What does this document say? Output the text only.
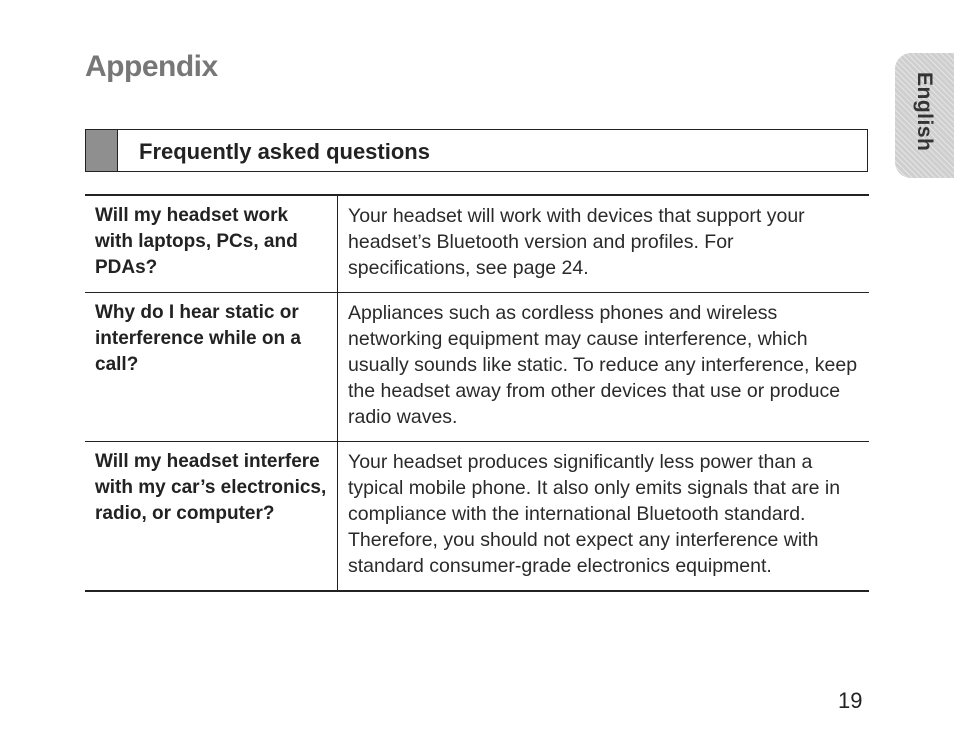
Appendix
English
Frequently asked questions
Will my headset work with laptops, PCs, and PDAs?	Your headset will work with devices that support your headset’s Bluetooth version and profiles. For specifications, see page 24.
Why do I hear static or interference while on a call?	Appliances such as cordless phones and wireless networking equipment may cause interference, which usually sounds like static. To reduce any interference, keep the headset away from other devices that use or produce radio waves.
Will my headset interfere with my car’s electronics, radio, or computer?	Your headset produces significantly less power than a typical mobile phone. It also only emits signals that are in compliance with the international Bluetooth standard. Therefore, you should not expect any interference with standard consumer-grade electronics equipment.
19
